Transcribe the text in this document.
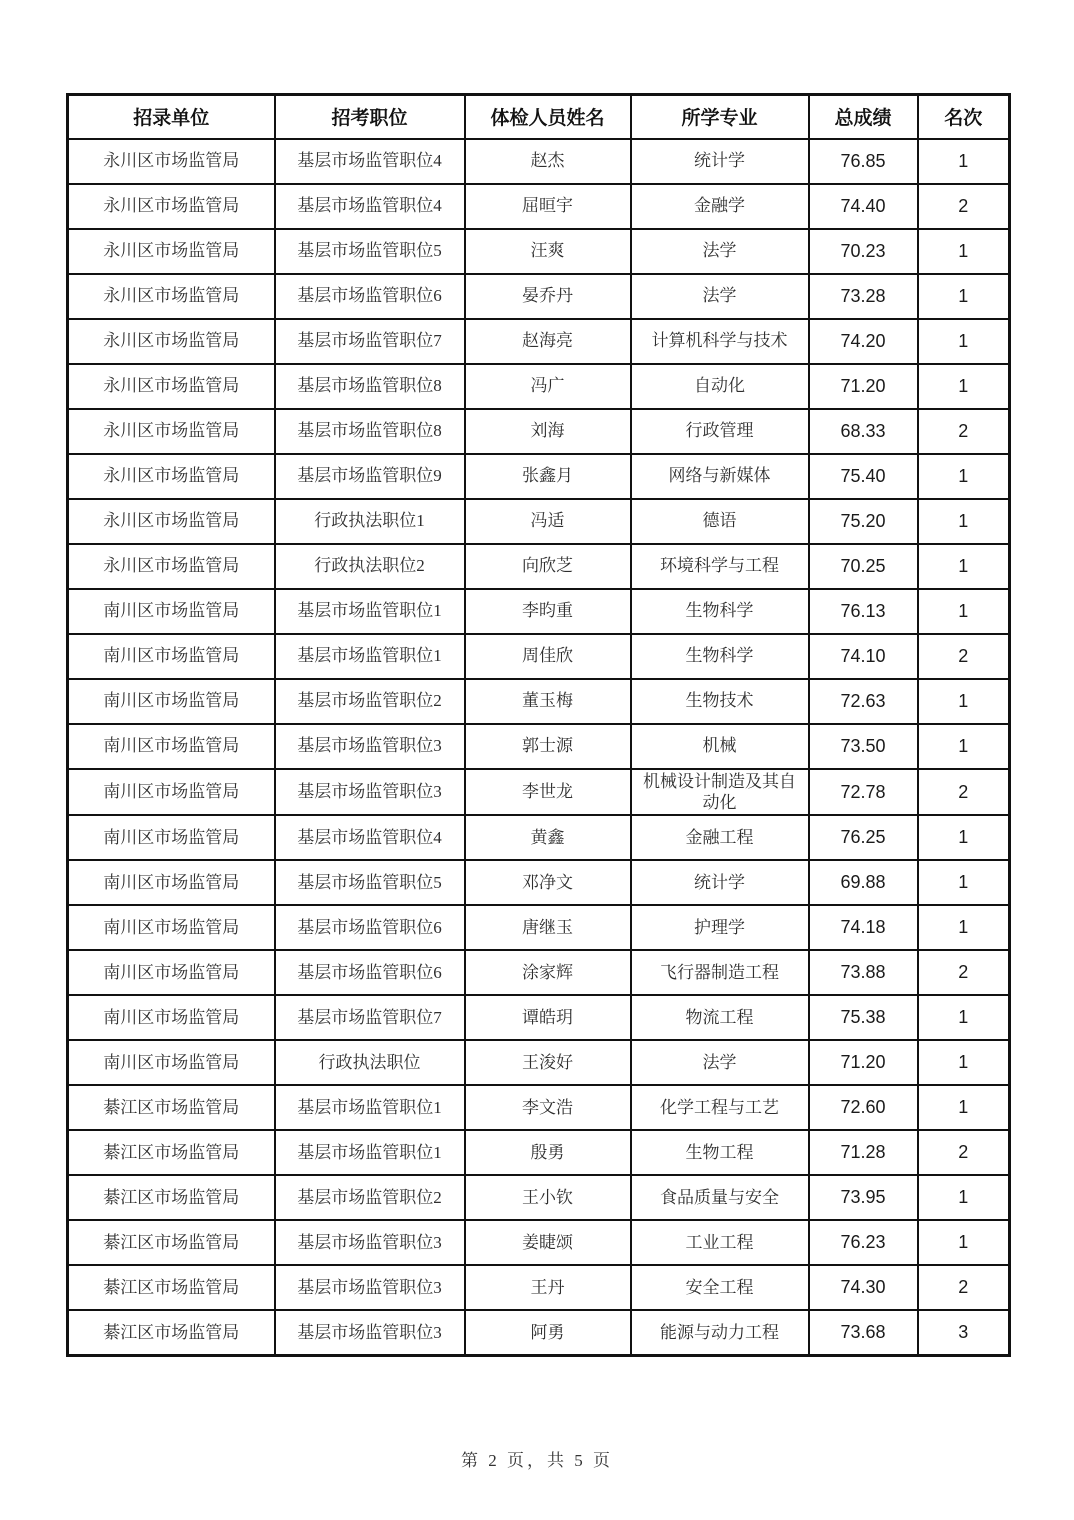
招录单位	招考职位	体检人员姓名	所学专业	总成绩	名次
永川区市场监管局	基层市场监管职位4	赵杰	统计学	76.85	1
永川区市场监管局	基层市场监管职位4	屈晅宇	金融学	74.40	2
永川区市场监管局	基层市场监管职位5	汪爽	法学	70.23	1
永川区市场监管局	基层市场监管职位6	晏乔丹	法学	73.28	1
永川区市场监管局	基层市场监管职位7	赵海亮	计算机科学与技术	74.20	1
永川区市场监管局	基层市场监管职位8	冯广	自动化	71.20	1
永川区市场监管局	基层市场监管职位8	刘海	行政管理	68.33	2
永川区市场监管局	基层市场监管职位9	张鑫月	网络与新媒体	75.40	1
永川区市场监管局	行政执法职位1	冯适	德语	75.20	1
永川区市场监管局	行政执法职位2	向欣芝	环境科学与工程	70.25	1
南川区市场监管局	基层市场监管职位1	李昀重	生物科学	76.13	1
南川区市场监管局	基层市场监管职位1	周佳欣	生物科学	74.10	2
南川区市场监管局	基层市场监管职位2	董玉梅	生物技术	72.63	1
南川区市场监管局	基层市场监管职位3	郭士源	机械	73.50	1
南川区市场监管局	基层市场监管职位3	李世龙	机械设计制造及其自动化	72.78	2
南川区市场监管局	基层市场监管职位4	黄鑫	金融工程	76.25	1
南川区市场监管局	基层市场监管职位5	邓净文	统计学	69.88	1
南川区市场监管局	基层市场监管职位6	唐继玉	护理学	74.18	1
南川区市场监管局	基层市场监管职位6	涂家辉	飞行器制造工程	73.88	2
南川区市场监管局	基层市场监管职位7	谭皓玥	物流工程	75.38	1
南川区市场监管局	行政执法职位	王浚好	法学	71.20	1
綦江区市场监管局	基层市场监管职位1	李文浩	化学工程与工艺	72.60	1
綦江区市场监管局	基层市场监管职位1	殷勇	生物工程	71.28	2
綦江区市场监管局	基层市场监管职位2	王小钦	食品质量与安全	73.95	1
綦江区市场监管局	基层市场监管职位3	姜睫颂	工业工程	76.23	1
綦江区市场监管局	基层市场监管职位3	王丹	安全工程	74.30	2
綦江区市场监管局	基层市场监管职位3	阿勇	能源与动力工程	73.68	3
第 2 页，共 5 页
